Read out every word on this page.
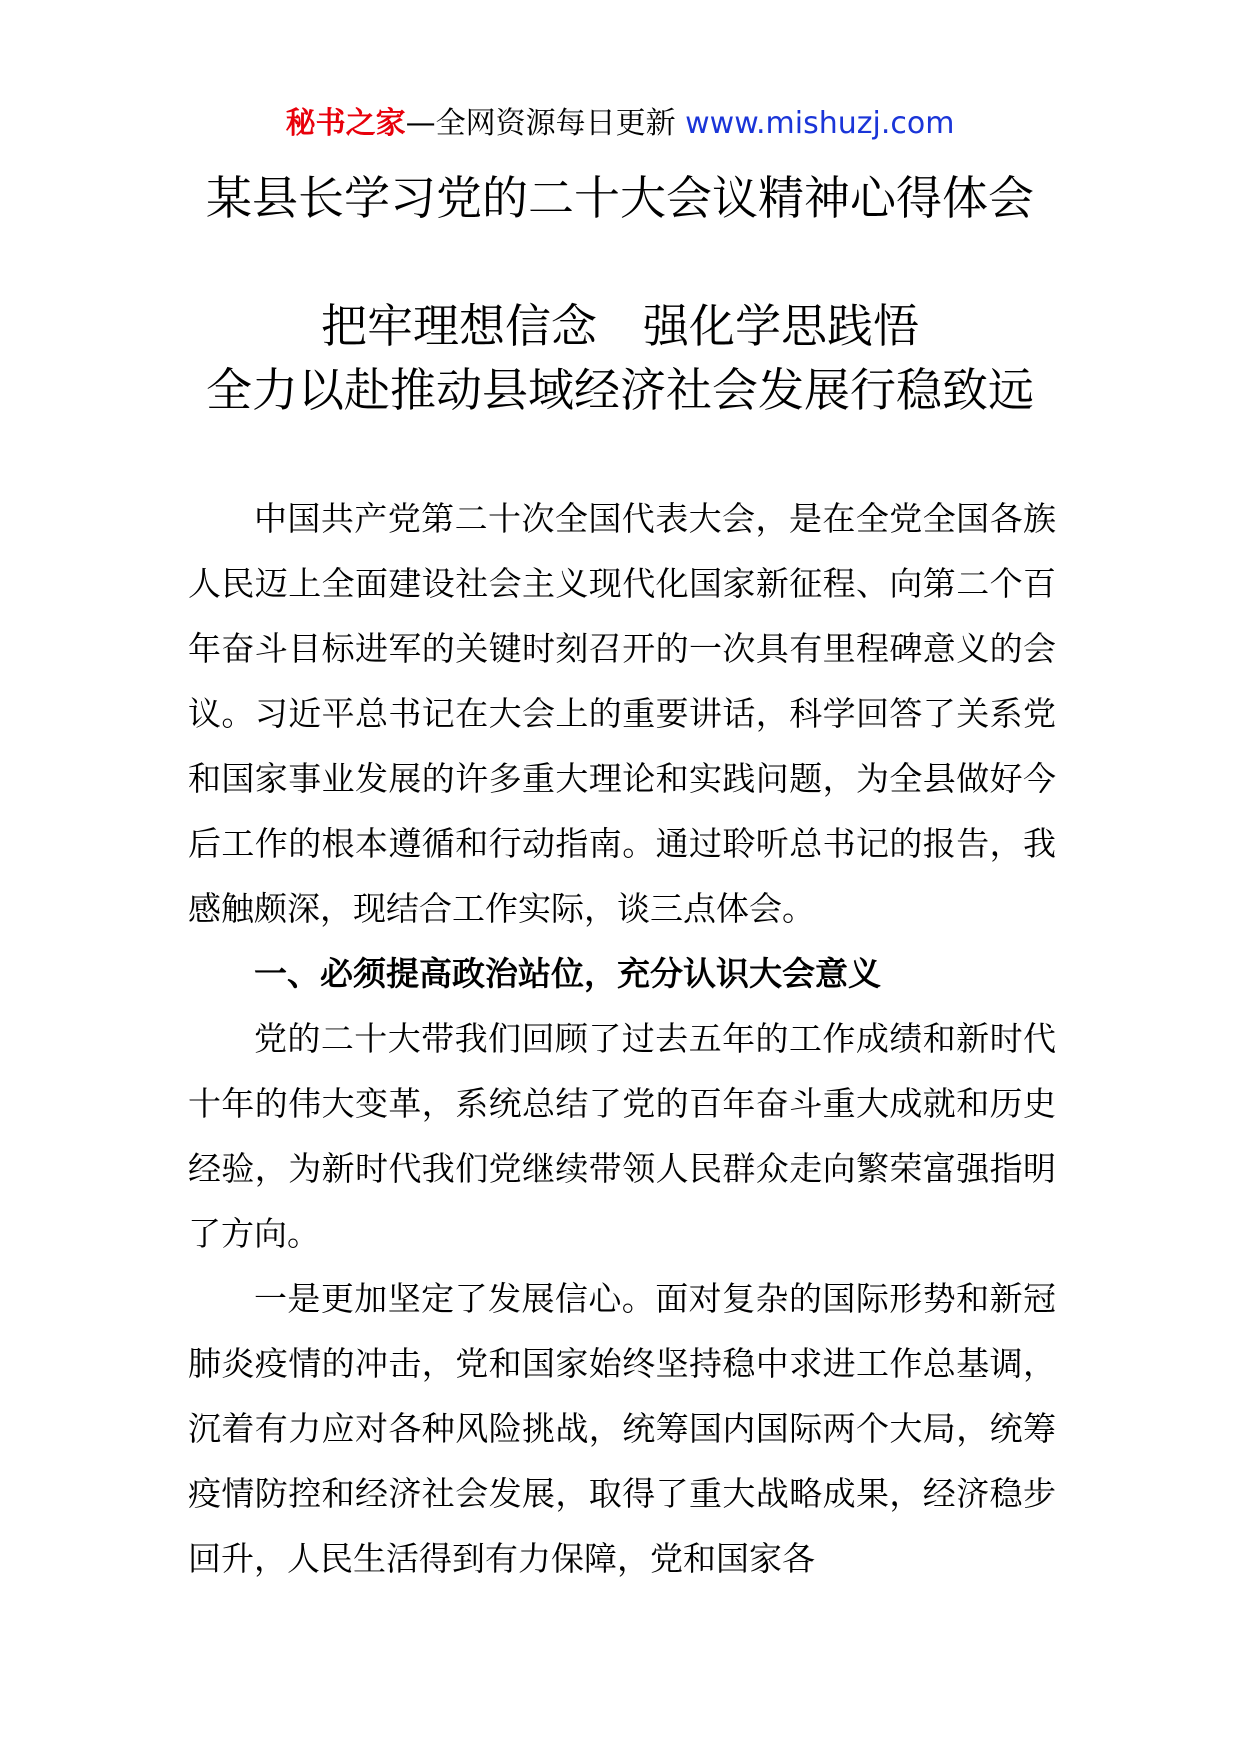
秘书之家—全网资源每日更新 www.mishuzj.com
某县长学习党的二十大会议精神心得体会
把牢理想信念　强化学思践悟
全力以赴推动县域经济社会发展行稳致远

中国共产党第二十次全国代表大会，是在全党全国各族人民迈上全面建设社会主义现代化国家新征程、向第二个百年奋斗目标进军的关键时刻召开的一次具有里程碑意义的会议。习近平总书记在大会上的重要讲话，科学回答了关系党和国家事业发展的许多重大理论和实践问题，为全县做好今后工作的根本遵循和行动指南。通过聆听总书记的报告，我感触颇深，现结合工作实际，谈三点体会。

一、必须提高政治站位，充分认识大会意义

党的二十大带我们回顾了过去五年的工作成绩和新时代十年的伟大变革，系统总结了党的百年奋斗重大成就和历史经验，为新时代我们党继续带领人民群众走向繁荣富强指明了方向。

一是更加坚定了发展信心。面对复杂的国际形势和新冠肺炎疫情的冲击，党和国家始终坚持稳中求进工作总基调，沉着有力应对各种风险挑战，统筹国内国际两个大局，统筹疫情防控和经济社会发展，取得了重大战略成果，经济稳步回升，人民生活得到有力保障，党和国家各
